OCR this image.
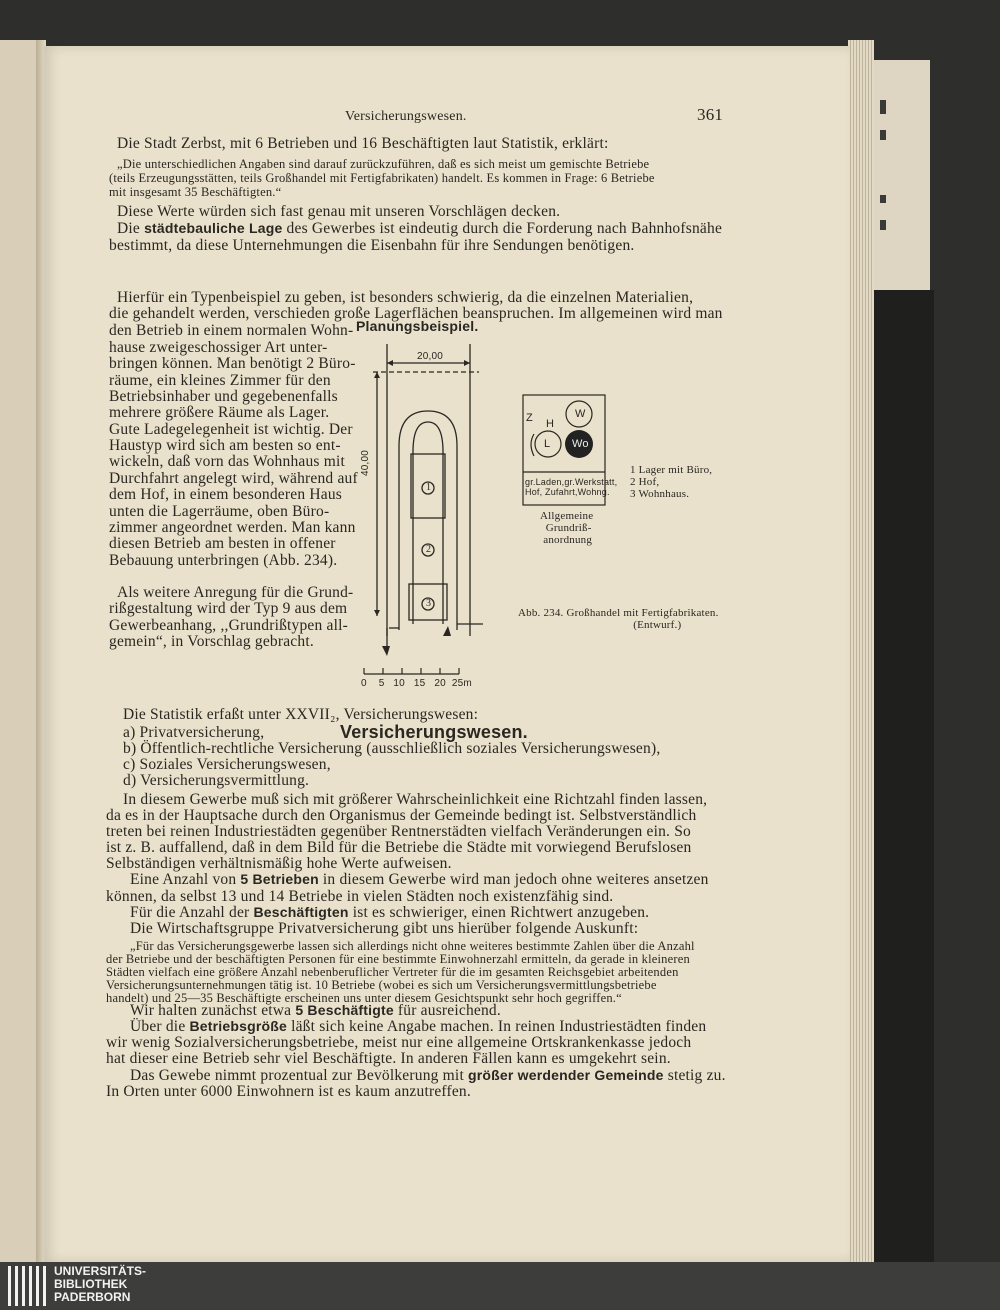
Versicherungswesen.	361
Die Stadt Zerbst, mit 6 Betrieben und 16 Beschäftigten laut Statistik, erklärt:
„Die unterschiedlichen Angaben sind darauf zurückzuführen, daß es sich meist um gemischte Betriebe
(teils Erzeugungsstätten, teils Großhandel mit Fertigfabrikaten) handelt. Es kommen in Frage: 6 Betriebe
mit insgesamt 35 Beschäftigten.“
Diese Werte würden sich fast genau mit unseren Vorschlägen decken.
bestimmt, da diese Unternehmungen die Eisenbahn für ihre Sendungen benötigen.
Hierfür ein Typenbeispiel zu geben, ist besonders schwierig, da die einzelnen Materialien,
die gehandelt werden, verschieden große Lagerflächen beanspruchen. Im allgemeinen wird man
den Betrieb in einem normalen Wohn-
hause zweigeschossiger Art unter-
bringen können. Man benötigt 2 Büro-
räume, ein kleines Zimmer für den
Betriebsinhaber und gegebenenfalls
mehrere größere Räume als Lager.
Gute Ladegelegenheit ist wichtig. Der
Haustyp wird sich am besten so ent-
wickeln, daß vorn das Wohnhaus mit
Durchfahrt angelegt wird, während auf
dem Hof, in einem besonderen Haus
unten die Lagerräume, oben Büro-
zimmer angeordnet werden. Man kann
diesen Betrieb am besten in offener
Bebauung unterbringen (Abb. 234).
Als weitere Anregung für die Grund-
rißgestaltung wird der Typ 9 aus dem
Gewerbeanhang, ,,Grundrißtypen all-
gemein“, in Vorschlag gebracht.
Die Statistik erfaßt unter XXVII₂, Versicherungswesen:
a) Privatversicherung,
b) Öffentlich-rechtliche Versicherung (ausschließlich soziales Versicherungswesen),
c) Soziales Versicherungswesen,
d) Versicherungsvermittlung.
In diesem Gewerbe muß sich mit größerer Wahrscheinlichkeit eine Richtzahl finden lassen,
da es in der Hauptsache durch den Organismus der Gemeinde bedingt ist. Selbstverständlich
treten bei reinen Industriestädten gegenüber Rentnerstädten vielfach Veränderungen ein. So
ist z. B. auffallend, daß in dem Bild für die Betriebe die Städte mit vorwiegend Berufslosen
Selbständigen verhältnismäßig hohe Werte aufweisen.
können, da selbst 13 und 14 Betriebe in vielen Städten noch existenzfähig sind.
Die Wirtschaftsgruppe Privatversicherung gibt uns hierüber folgende Auskunft:
„Für das Versicherungsgewerbe lassen sich allerdings nicht ohne weiteres bestimmte Zahlen über die Anzahl
der Betriebe und der beschäftigten Personen für eine bestimmte Einwohnerzahl ermitteln, da gerade in kleineren
Städten vielfach eine größere Anzahl nebenberuflicher Vertreter für die im gesamten Reichsgebiet arbeitenden
Versicherungsunternehmungen tätig ist. 10 Betriebe (wobei es sich um Versicherungsvermittlungsbetriebe
handelt) und 25—35 Beschäftigte erscheinen uns unter diesem Gesichtspunkt sehr hoch gegriffen.“
wir wenig Sozialversicherungsbetriebe, meist nur eine allgemeine Ortskrankenkasse jedoch
hat dieser eine Betrieb sehr viel Beschäftigte. In anderen Fällen kann es umgekehrt sein.
In Orten unter 6000 Einwohnern ist es kaum anzutreffen.
Die städtebauliche Lage des Gewerbes ist eindeutig durch die Forderung nach Bahnhofsnähe
Eine Anzahl von 5 Betrieben in diesem Gewerbe wird man jedoch ohne weiteres ansetzen
Für die Anzahl der Beschäftigten ist es schwieriger, einen Richtwert anzugeben.
Wir halten zunächst etwa 5 Beschäftigte für ausreichend.
Über die Betriebsgröße läßt sich keine Angabe machen. In reinen Industriestädten finden
Das Gewebe nimmt prozentual zur Bevölkerung mit größer werdender Gemeinde stetig zu.
Planungsbeispiel.
Versicherungswesen.
20,00
40,00
1
2
3
0 5 10 15 20 25m
Z H
W
L Wo
gr.Laden,gr.Werkstatt,
Hof, Zufahrt,Wohng.
Allgemeine
Grundriß-
anordnung
1 Lager mit Büro,
2 Hof,
3 Wohnhaus.
Abb. 234. Großhandel mit Fertigfabrikaten.
(Entwurf.)
UNIVERSITÄTS-
BIBLIOTHEK
PADERBORN
